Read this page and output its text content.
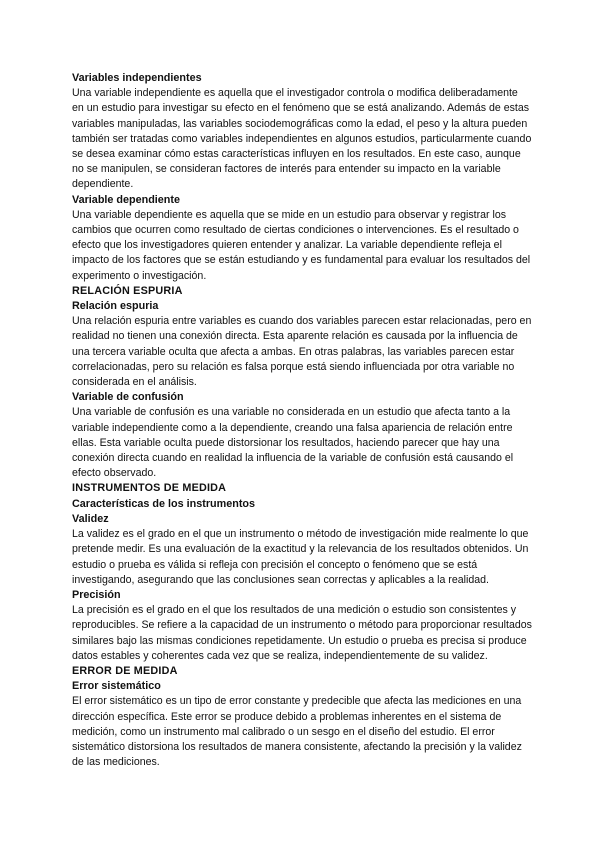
Variables independientes

Una variable independiente es aquella que el investigador controla o modifica deliberadamente en un estudio para investigar su efecto en el fenómeno que se está analizando. Además de estas variables manipuladas, las variables sociodemográficas como la edad, el peso y la altura pueden también ser tratadas como variables independientes en algunos estudios, particularmente cuando se desea examinar cómo estas características influyen en los resultados. En este caso, aunque no se manipulen, se consideran factores de interés para entender su impacto en la variable dependiente.

Variable dependiente

Una variable dependiente es aquella que se mide en un estudio para observar y registrar los cambios que ocurren como resultado de ciertas condiciones o intervenciones. Es el resultado o efecto que los investigadores quieren entender y analizar. La variable dependiente refleja el impacto de los factores que se están estudiando y es fundamental para evaluar los resultados del experimento o investigación.

RELACIÓN ESPURIA

Relación espuria

Una relación espuria entre variables es cuando dos variables parecen estar relacionadas, pero en realidad no tienen una conexión directa. Esta aparente relación es causada por la influencia de una tercera variable oculta que afecta a ambas. En otras palabras, las variables parecen estar correlacionadas, pero su relación es falsa porque está siendo influenciada por otra variable no considerada en el análisis.

Variable de confusión

Una variable de confusión es una variable no considerada en un estudio que afecta tanto a la variable independiente como a la dependiente, creando una falsa apariencia de relación entre ellas. Esta variable oculta puede distorsionar los resultados, haciendo parecer que hay una conexión directa cuando en realidad la influencia de la variable de confusión está causando el efecto observado.

INSTRUMENTOS DE MEDIDA

Características de los instrumentos

Validez

La validez es el grado en el que un instrumento o método de investigación mide realmente lo que pretende medir. Es una evaluación de la exactitud y la relevancia de los resultados obtenidos. Un estudio o prueba es válida si refleja con precisión el concepto o fenómeno que se está investigando, asegurando que las conclusiones sean correctas y aplicables a la realidad.

Precisión

La precisión es el grado en el que los resultados de una medición o estudio son consistentes y reproducibles. Se refiere a la capacidad de un instrumento o método para proporcionar resultados similares bajo las mismas condiciones repetidamente. Un estudio o prueba es precisa si produce datos estables y coherentes cada vez que se realiza, independientemente de su validez.

ERROR DE MEDIDA

Error sistemático

El error sistemático es un tipo de error constante y predecible que afecta las mediciones en una dirección específica. Este error se produce debido a problemas inherentes en el sistema de medición, como un instrumento mal calibrado o un sesgo en el diseño del estudio. El error sistemático distorsiona los resultados de manera consistente, afectando la precisión y la validez de las mediciones.
